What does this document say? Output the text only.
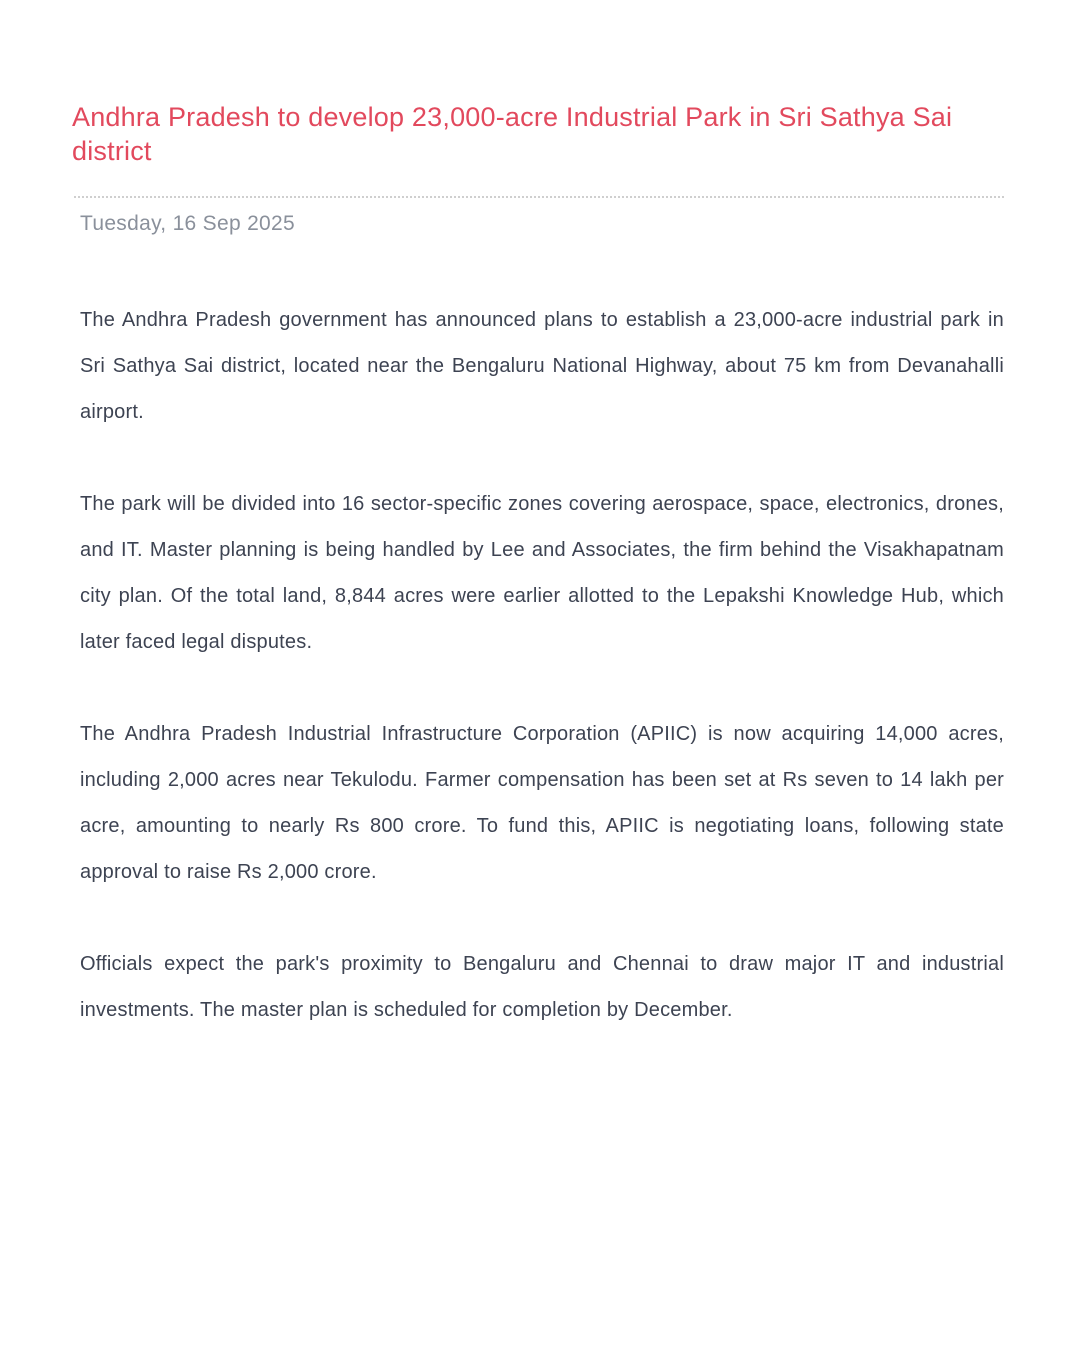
Andhra Pradesh to develop 23,000-acre Industrial Park in Sri Sathya Sai district
Tuesday, 16 Sep 2025

The Andhra Pradesh government has announced plans to establish a 23,000-acre industrial park in Sri Sathya Sai district, located near the Bengaluru National Highway, about 75 km from Devanahalli airport.

The park will be divided into 16 sector-specific zones covering aerospace, space, electronics, drones, and IT. Master planning is being handled by Lee and Associates, the firm behind the Visakhapatnam city plan. Of the total land, 8,844 acres were earlier allotted to the Lepakshi Knowledge Hub, which later faced legal disputes.

The Andhra Pradesh Industrial Infrastructure Corporation (APIIC) is now acquiring 14,000 acres, including 2,000 acres near Tekulodu. Farmer compensation has been set at Rs seven to 14 lakh per acre, amounting to nearly Rs 800 crore. To fund this, APIIC is negotiating loans, following state approval to raise Rs 2,000 crore.

Officials expect the park's proximity to Bengaluru and Chennai to draw major IT and industrial investments. The master plan is scheduled for completion by December.
